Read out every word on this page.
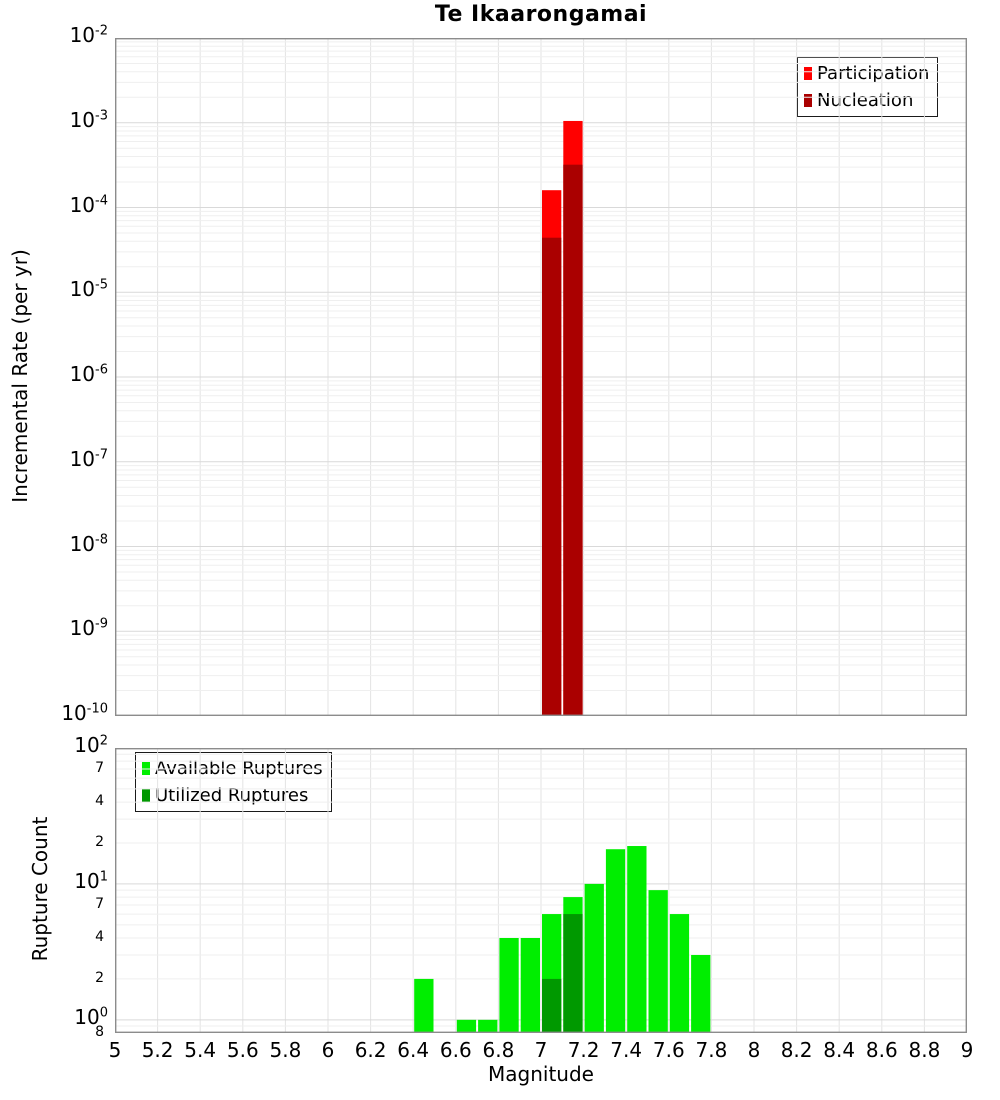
Te Ikaarongamai
Incremental Rate (per yr)
Rupture Count
Magnitude
Participation
Nucleation
Available Ruptures
Utilized Ruptures
$10^{-2}$
$10^{-3}$
$10^{-4}$
$10^{-5}$
$10^{-6}$
$10^{-7}$
$10^{-8}$
$10^{-9}$
$10^{-10}$
$10^2$
$10^1$
$10^0$
7
4
2
7
4
2
8
5	5.2 5.4 5.6 5.8	6	6.2 6.4 6.6 6.8	7	7.2 7.4 7.6 7.8	8	8.2 8.4 8.6 8.8	9
